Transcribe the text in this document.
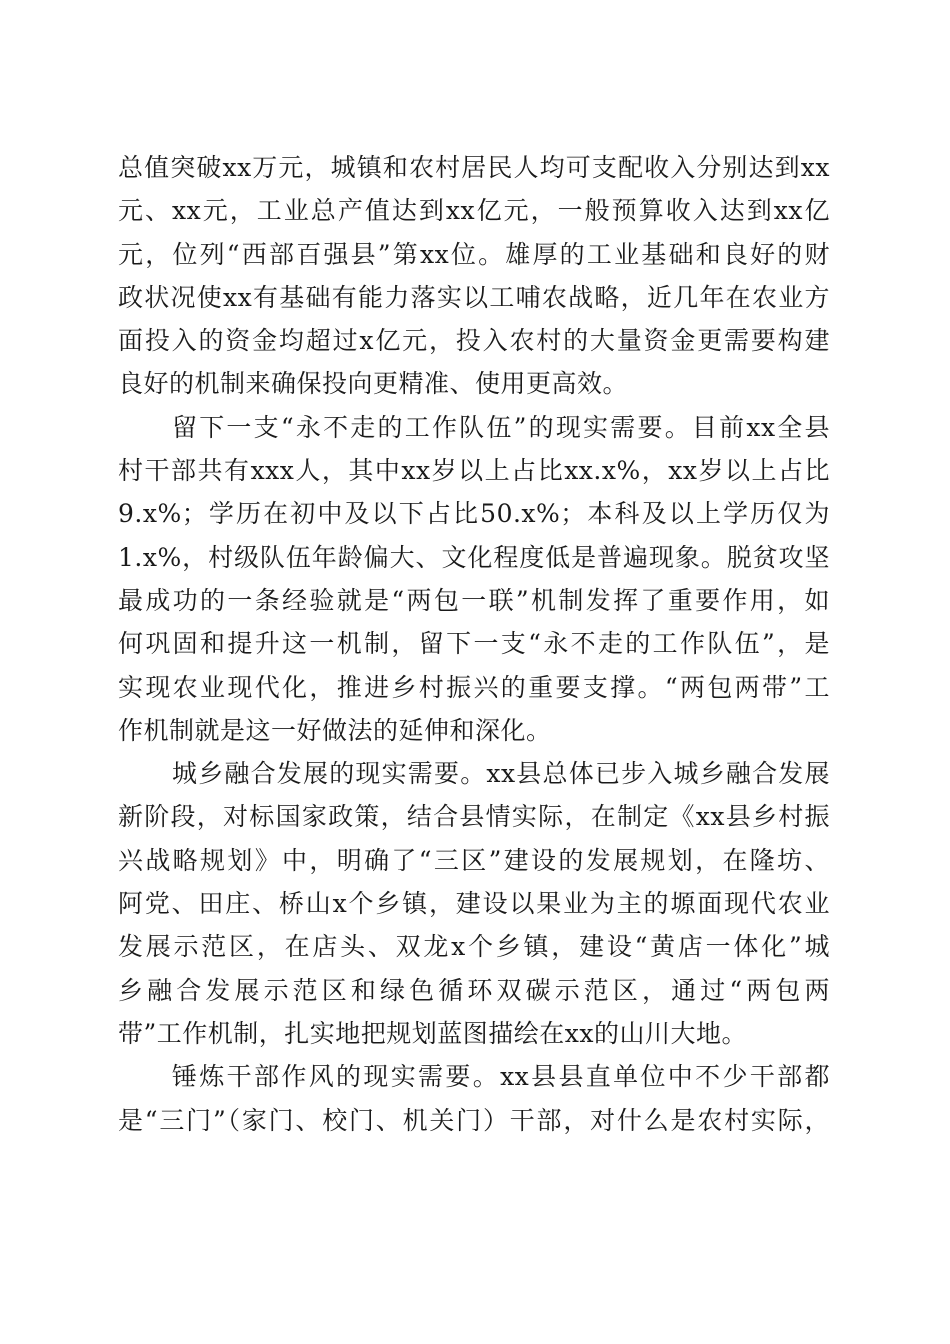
总值突破xx万元，城镇和农村居民人均可支配收入分别达到xx
元、xx元，工业总产值达到xx亿元，一般预算收入达到xx亿
元，位列“西部百强县”第xx位。雄厚的工业基础和良好的财
政状况使xx有基础有能力落实以工哺农战略，近几年在农业方
面投入的资金均超过x亿元，投入农村的大量资金更需要构建
良好的机制来确保投向更精准、使用更高效。
留下一支“永不走的工作队伍”的现实需要。目前xx全县
村干部共有xxx人，其中xx岁以上占比xx.x%，xx岁以上占比
9.x%；学历在初中及以下占比50.x%；本科及以上学历仅为
1.x%，村级队伍年龄偏大、文化程度低是普遍现象。脱贫攻坚
最成功的一条经验就是“两包一联”机制发挥了重要作用，如
何巩固和提升这一机制，留下一支“永不走的工作队伍”，是
实现农业现代化，推进乡村振兴的重要支撑。“两包两带”工
作机制就是这一好做法的延伸和深化。
城乡融合发展的现实需要。xx县总体已步入城乡融合发展
新阶段，对标国家政策，结合县情实际，在制定《xx县乡村振
兴战略规划》中，明确了“三区”建设的发展规划，在隆坊、
阿党、田庄、桥山x个乡镇，建设以果业为主的塬面现代农业
发展示范区，在店头、双龙x个乡镇，建设“黄店一体化”城
乡融合发展示范区和绿色循环双碳示范区，通过“两包两
带”工作机制，扎实地把规划蓝图描绘在xx的山川大地。
锤炼干部作风的现实需要。xx县县直单位中不少干部都
是“三门”（家门、校门、机关门）干部，对什么是农村实际，
